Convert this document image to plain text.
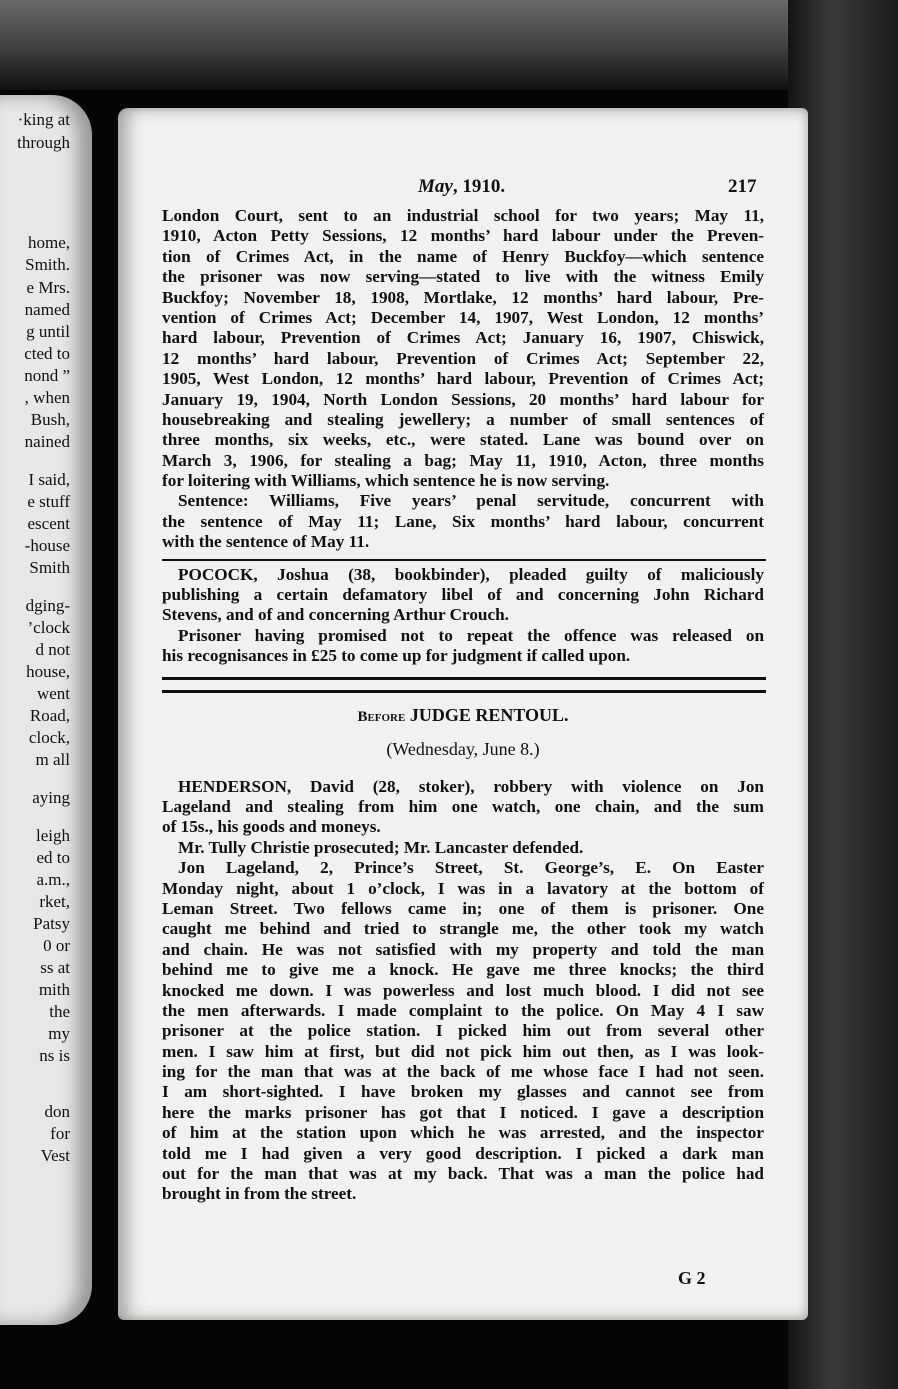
·king at
through
home,
Smith.
e Mrs.
named
g until
cted to
nond ”
, when
Bush,
nained
I said,
e stuff
escent
-house
Smith
dging-
’clock
d not
house,
went
Road,
clock,
m all
aying
leigh
ed to
a.m.,
rket,
Patsy
0 or
ss at
mith
the
my
ns is
don
for
Vest
May, 1910.	217
London Court, sent to an industrial school for two years; May 11,
1910, Acton Petty Sessions, 12 months’ hard labour under the Preven-
tion of Crimes Act, in the name of Henry Buckfoy—which sentence
the prisoner was now serving—stated to live with the witness Emily
Buckfoy; November 18, 1908, Mortlake, 12 months’ hard labour, Pre-
vention of Crimes Act; December 14, 1907, West London, 12 months’
hard labour, Prevention of Crimes Act; January 16, 1907, Chiswick,
12 months’ hard labour, Prevention of Crimes Act; September 22,
1905, West London, 12 months’ hard labour, Prevention of Crimes Act;
January 19, 1904, North London Sessions, 20 months’ hard labour for
housebreaking and stealing jewellery; a number of small sentences of
three months, six weeks, etc., were stated. Lane was bound over on
March 3, 1906, for stealing a bag; May 11, 1910, Acton, three months
for loitering with Williams, which sentence he is now serving.
Sentence: Williams, Five years’ penal servitude, concurrent with
the sentence of May 11; Lane, Six months’ hard labour, concurrent
with the sentence of May 11.
POCOCK, Joshua (38, bookbinder), pleaded guilty of maliciously
publishing a certain defamatory libel of and concerning John Richard
Stevens, and of and concerning Arthur Crouch.
Prisoner having promised not to repeat the offence was released on
his recognisances in £25 to come up for judgment if called upon.
Before JUDGE RENTOUL.
(Wednesday, June 8.)
HENDERSON, David (28, stoker), robbery with violence on Jon
Lageland and stealing from him one watch, one chain, and the sum
of 15s., his goods and moneys.
Mr. Tully Christie prosecuted; Mr. Lancaster defended.
Jon Lageland, 2, Prince’s Street, St. George’s, E. On Easter
Monday night, about 1 o’clock, I was in a lavatory at the bottom of
Leman Street. Two fellows came in; one of them is prisoner. One
caught me behind and tried to strangle me, the other took my watch
and chain. He was not satisfied with my property and told the man
behind me to give me a knock. He gave me three knocks; the third
knocked me down. I was powerless and lost much blood. I did not see
the men afterwards. I made complaint to the police. On May 4 I saw
prisoner at the police station. I picked him out from several other
men. I saw him at first, but did not pick him out then, as I was look-
ing for the man that was at the back of me whose face I had not seen.
I am short-sighted. I have broken my glasses and cannot see from
here the marks prisoner has got that I noticed. I gave a description
of him at the station upon which he was arrested, and the inspector
told me I had given a very good description. I picked a dark man
out for the man that was at my back. That was a man the police had
brought in from the street.
G 2
